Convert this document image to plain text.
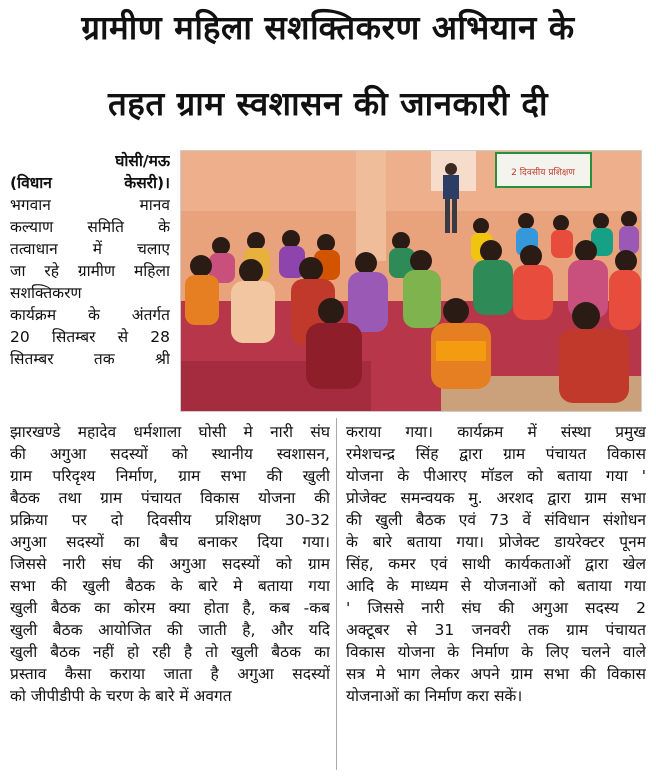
ग्रामीण महिला सशक्तिकरण अभियान के
तहत ग्राम स्वशासन की जानकारी दी
घोसी/मऊ
(विधान केसरी)।
भगवान मानव
कल्याण समिति के
तत्वाधान में चलाए
जा रहे ग्रामीण महिला
सशक्तिकरण
कार्यक्रम के अंतर्गत
20 सितम्बर से 28
सितम्बर तक श्री
2 दिवसीय प्रशिक्षण
झारखण्डे महादेव धर्मशाला घोसी मे नारी संघ
की अगुआ सदस्यों को स्थानीय स्वशासन,
ग्राम परिदृश्य निर्माण, ग्राम सभा की खुली
बैठक तथा ग्राम पंचायत विकास योजना की
प्रक्रिया पर दो दिवसीय प्रशिक्षण 30-32
अगुआ सदस्यों का बैच बनाकर दिया गया।
जिससे नारी संघ की अगुआ सदस्यों को ग्राम
सभा की खुली बैठक के बारे मे बताया गया
खुली बैठक का कोरम क्या होता है, कब -कब
खुली बैठक आयोजित की जाती है, और यदि
खुली बैठक नहीं हो रही है तो खुली बैठक का
प्रस्ताव कैसा कराया जाता है अगुआ सदस्यों
को जीपीडीपी के चरण के बारे में अवगत
कराया गया। कार्यक्रम में संस्था प्रमुख
रमेशचन्द्र सिंह द्वारा ग्राम पंचायत विकास
योजना के पीआरए मॉडल को बताया गया '
प्रोजेक्ट समन्वयक मु. अरशद द्वारा ग्राम सभा
की खुली बैठक एवं 73 वें संविधान संशोधन
के बारे बताया गया। प्रोजेक्ट डायरेक्टर पूनम
सिंह, कमर एवं साथी कार्यकताओं द्वारा खेल
आदि के माध्यम से योजनाओं को बताया गया
' जिससे नारी संघ की अगुआ सदस्य 2
अक्टूबर से 31 जनवरी तक ग्राम पंचायत
विकास योजना के निर्माण के लिए चलने वाले
सत्र मे भाग लेकर अपने ग्राम सभा की विकास
योजनाओं का निर्माण करा सकें।
